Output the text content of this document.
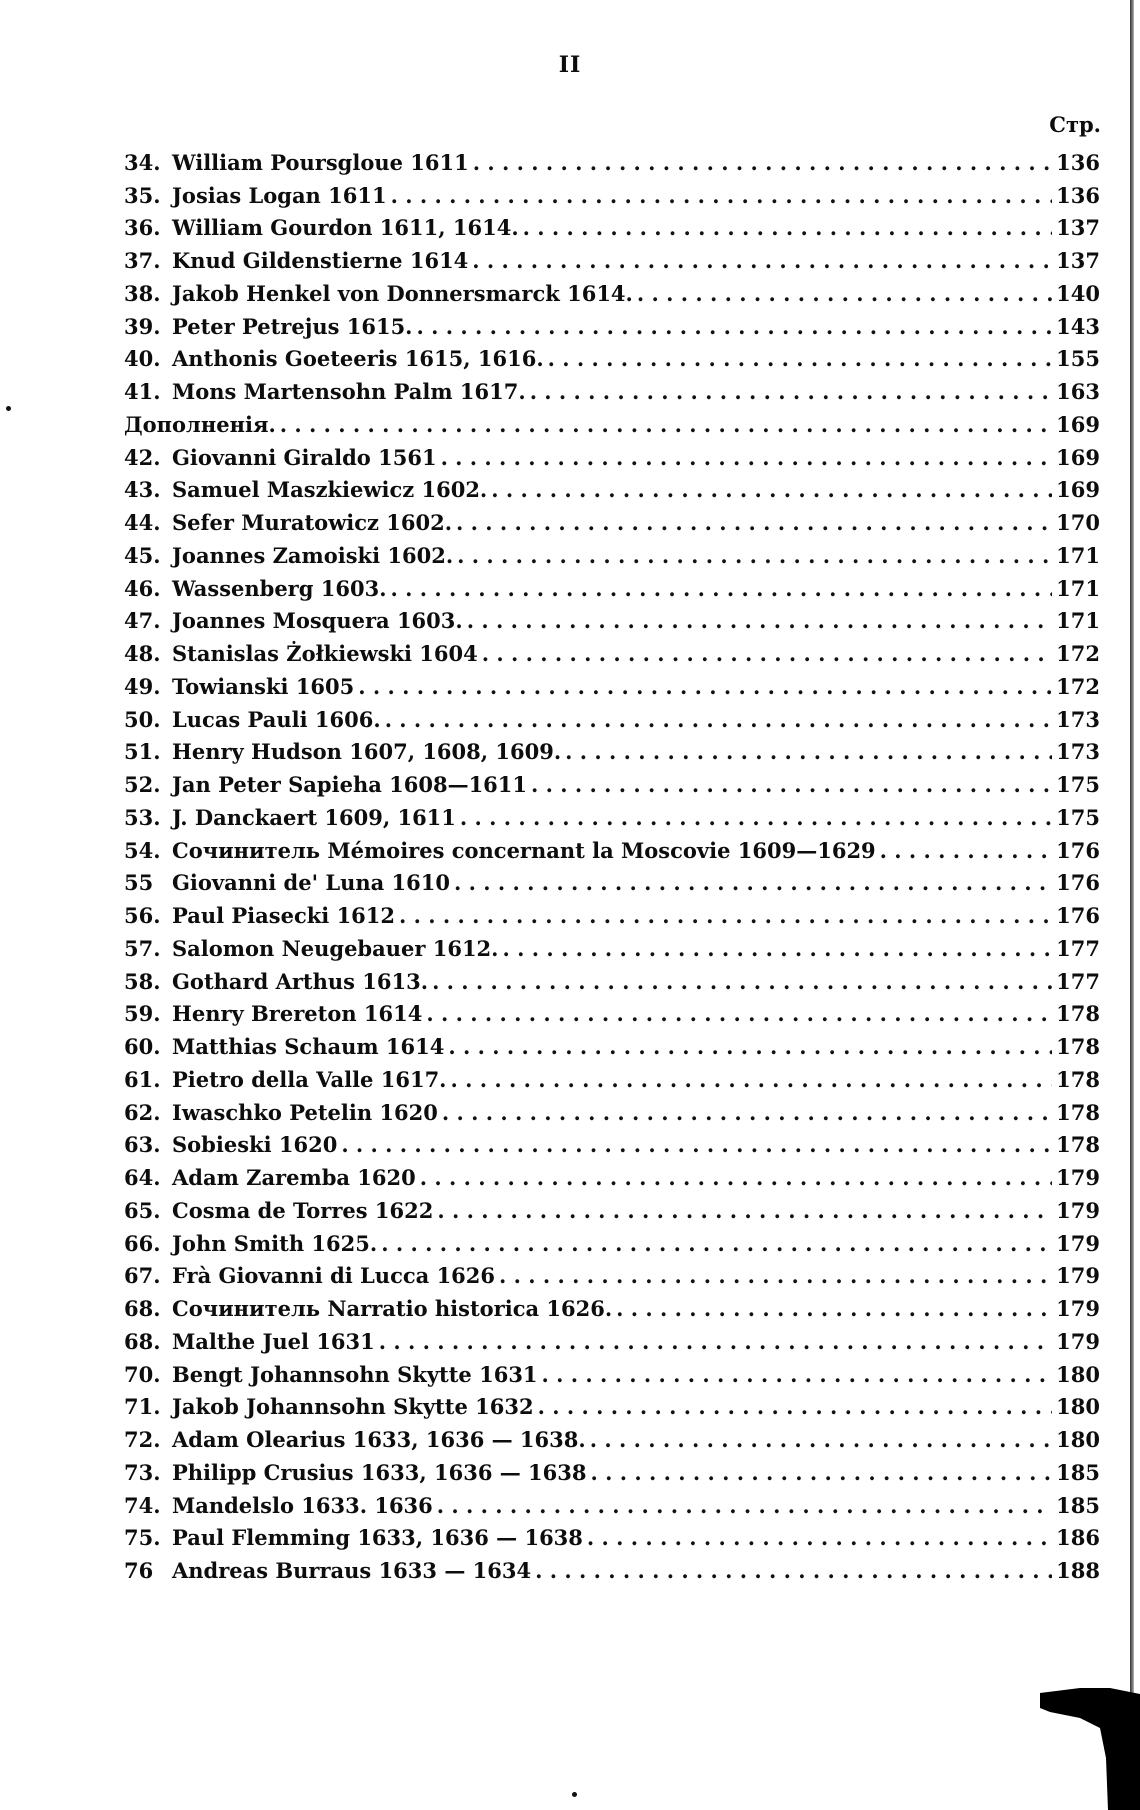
II
Стр.
34. William Poursgloue 1611 . . .	136
35. Josias Logan 1611 . . .	136
36. William Gourdon 1611, 1614. . . .	137
37. Knud Gildenstierne 1614 . . .	137
38. Jakob Henkel von Donnersmarck 1614. . . .	140
39. Peter Petrejus 1615. . . .	143
40. Anthonis Goeteeris 1615, 1616. . . .	155
41. Mons Martensohn Palm 1617. . . .	163
Дополненія. . . .	169
42. Giovanni Giraldo 1561 . . .	169
43. Samuel Maszkiewicz 1602. . . .	169
44. Sefer Muratowicz 1602. . . .	170
45. Joannes Zamoiski 1602. . . .	171
46. Wassenberg 1603. . . .	171
47. Joannes Mosquera 1603. . . .	171
48. Stanislas Żołkiewski 1604 . . .	172
49. Towianski 1605 . . .	172
50. Lucas Pauli 1606. . . .	173
51. Henry Hudson 1607, 1608, 1609. . . .	173
52. Jan Peter Sapieha 1608—1611 . . .	175
53. J. Danckaert 1609, 1611 . . .	175
54. Сочинитель Mémoires concernant la Moscovie 1609—1629 . . .	176
55 Giovanni de' Luna 1610 . . .	176
56. Paul Piasecki 1612 . . .	176
57. Salomon Neugebauer 1612. . . .	177
58. Gothard Arthus 1613. . . .	177
59. Henry Brereton 1614 . . .	178
60. Matthias Schaum 1614 . . .	178
61. Pietro della Valle 1617. . . .	178
62. Iwaschko Petelin 1620 . . .	178
63. Sobieski 1620 . . .	178
64. Adam Zaremba 1620 . . .	179
65. Cosma de Torres 1622 . . .	179
66. John Smith 1625. . . .	179
67. Frà Giovanni di Lucca 1626 . . .	179
68. Сочинитель Narratio historica 1626. . . .	179
68. Malthe Juel 1631 . . .	179
70. Bengt Johannsohn Skytte 1631 . . .	180
71. Jakob Johannsohn Skytte 1632 . . .	180
72. Adam Olearius 1633, 1636 — 1638. . . .	180
73. Philipp Crusius 1633, 1636 — 1638 . . .	185
74. Mandelslo 1633. 1636 . . .	185
75. Paul Flemming 1633, 1636 — 1638 . . .	186
76 Andreas Burraus 1633 — 1634 . . .	188
